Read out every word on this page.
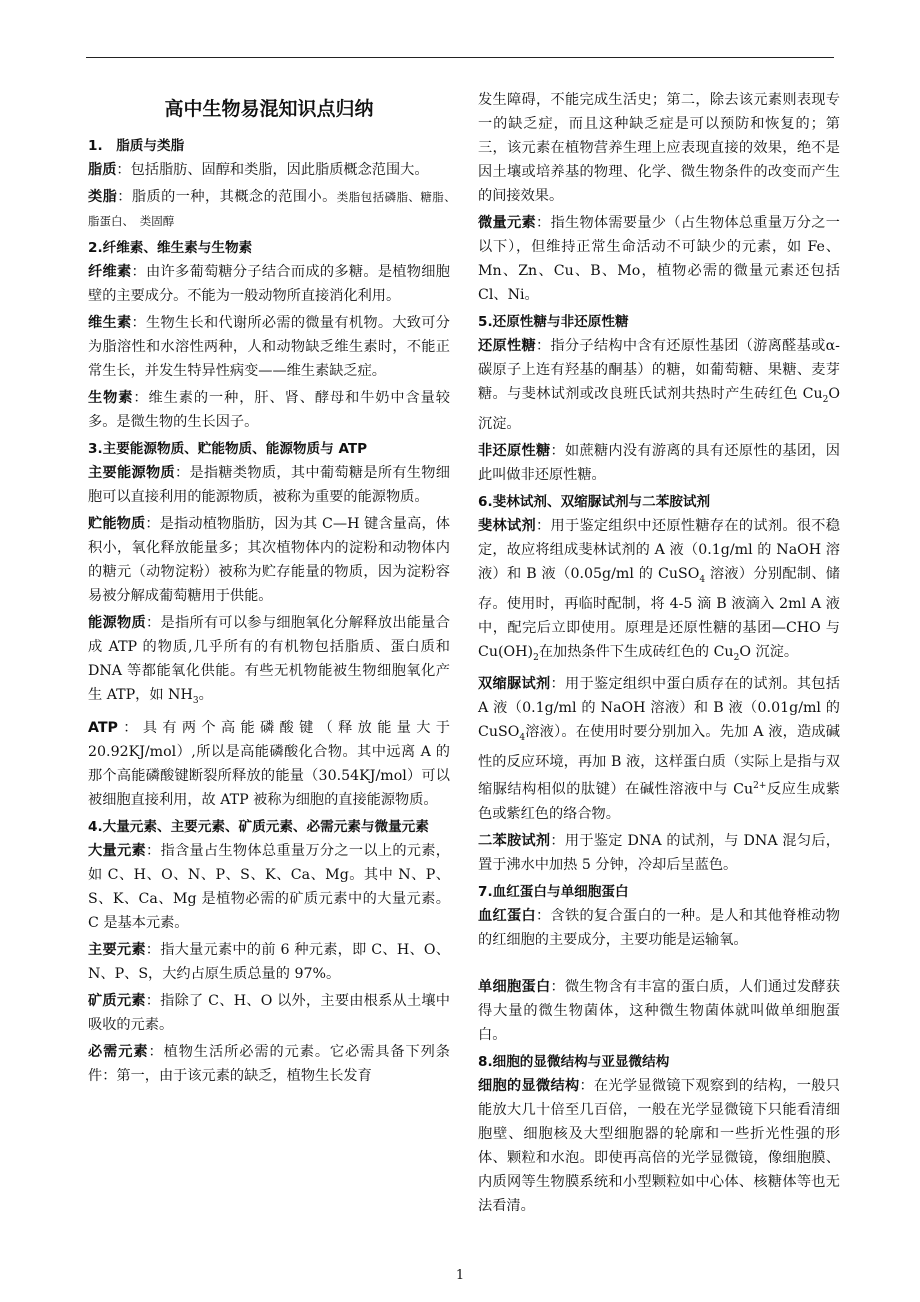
高中生物易混知识点归纳
1.　脂质与类脂

脂质：包括脂肪、固醇和类脂，因此脂质概念范围大。

类脂：脂质的一种，其概念的范围小。类脂包括磷脂、糖脂、　脂蛋白、　类固醇

2.纤维素、维生素与生物素

纤维素：由许多葡萄糖分子结合而成的多糖。是植物细胞壁的主要成分。不能为一般动物所直接消化利用。

维生素：生物生长和代谢所必需的微量有机物。大致可分为脂溶性和水溶性两种，人和动物缺乏维生素时，不能正常生长，并发生特异性病变——维生素缺乏症。

生物素：维生素的一种，肝、肾、酵母和牛奶中含量较多。是微生物的生长因子。

3.主要能源物质、贮能物质、能源物质与 ATP

主要能源物质：是指糖类物质，其中葡萄糖是所有生物细胞可以直接利用的能源物质，被称为重要的能源物质。

贮能物质：是指动植物脂肪，因为其 C—H 键含量高，体积小，氧化释放能量多；其次植物体内的淀粉和动物体内的糖元（动物淀粉）被称为贮存能量的物质，因为淀粉容易被分解成葡萄糖用于供能。

能源物质：是指所有可以参与细胞氧化分解释放出能量合成 ATP 的物质,几乎所有的有机物包括脂质、蛋白质和 DNA 等都能氧化供能。有些无机物能被生物细胞氧化产生 ATP，如 $NH_3$。

ATP：具有两个高能磷酸键（释放能量大于 20.92KJ/mol）,所以是高能磷酸化合物。其中远离 A 的那个高能磷酸键断裂所释放的能量（30.54KJ/mol）可以被细胞直接利用，故 ATP 被称为细胞的直接能源物质。

4.大量元素、主要元素、矿质元素、必需元素与微量元素

大量元素：指含量占生物体总重量万分之一以上的元素，如 C、H、O、N、P、S、K、Ca、Mg。其中 N、P、S、K、Ca、Mg 是植物必需的矿质元素中的大量元素。C 是基本元素。

主要元素：指大量元素中的前 6 种元素，即 C、H、O、N、P、S，大约占原生质总量的 97%。

矿质元素：指除了 C、H、O 以外，主要由根系从土壤中吸收的元素。

必需元素：植物生活所必需的元素。它必需具备下列条件：第一，由于该元素的缺乏，植物生长发育

发生障碍，不能完成生活史；第二，除去该元素则表现专一的缺乏症，而且这种缺乏症是可以预防和恢复的；第三，该元素在植物营养生理上应表现直接的效果，绝不是因土壤或培养基的物理、化学、微生物条件的改变而产生的间接效果。

微量元素：指生物体需要量少（占生物体总重量万分之一以下），但维持正常生命活动不可缺少的元素，如 Fe、Mn、Zn、Cu、B、Mo，植物必需的微量元素还包括 Cl、Ni。

5.还原性糖与非还原性糖

还原性糖：指分子结构中含有还原性基团（游离醛基或α-碳原子上连有羟基的酮基）的糖，如葡萄糖、果糖、麦芽糖。与斐林试剂或改良班氏试剂共热时产生砖红色 $Cu_2O$ 沉淀。

非还原性糖：如蔗糖内没有游离的具有还原性的基团，因此叫做非还原性糖。

6.斐林试剂、双缩脲试剂与二苯胺试剂

斐林试剂：用于鉴定组织中还原性糖存在的试剂。很不稳定，故应将组成斐林试剂的 A 液（0.1g/ml 的 NaOH 溶液）和 B 液（0.05g/ml 的 CuSO$_4$ 溶液）分别配制、储存。使用时，再临时配制，将 4-5 滴 B 液滴入 2ml A 液中，配完后立即使用。原理是还原性糖的基团—CHO 与 $Cu(OH)_2$在加热条件下生成砖红色的 $Cu_2O$ 沉淀。

双缩脲试剂：用于鉴定组织中蛋白质存在的试剂。其包括 A 液（0.1g/ml 的 NaOH 溶液）和 B 液（0.01g/ml 的 CuSO$_4$溶液）。在使用时要分别加入。先加 A 液，造成碱性的反应环境，再加 B 液，这样蛋白质（实际上是指与双缩脲结构相似的肽键）在碱性溶液中与 $Cu^{2+}$反应生成紫色或紫红色的络合物。

二苯胺试剂：用于鉴定 DNA 的试剂，与 DNA 混匀后，置于沸水中加热 5 分钟，冷却后呈蓝色。

7.血红蛋白与单细胞蛋白

血红蛋白：含铁的复合蛋白的一种。是人和其他脊椎动物的红细胞的主要成分，主要功能是运输氧。

单细胞蛋白：微生物含有丰富的蛋白质，人们通过发酵获得大量的微生物菌体，这种微生物菌体就叫做单细胞蛋白。

8.细胞的显微结构与亚显微结构

细胞的显微结构：在光学显微镜下观察到的结构，一般只能放大几十倍至几百倍，一般在光学显微镜下只能看清细胞壁、细胞核及大型细胞器的轮廓和一些折光性强的形体、颗粒和水泡。即使再高倍的光学显微镜，像细胞膜、内质网等生物膜系统和小型颗粒如中心体、核糖体等也无法看清。

1
